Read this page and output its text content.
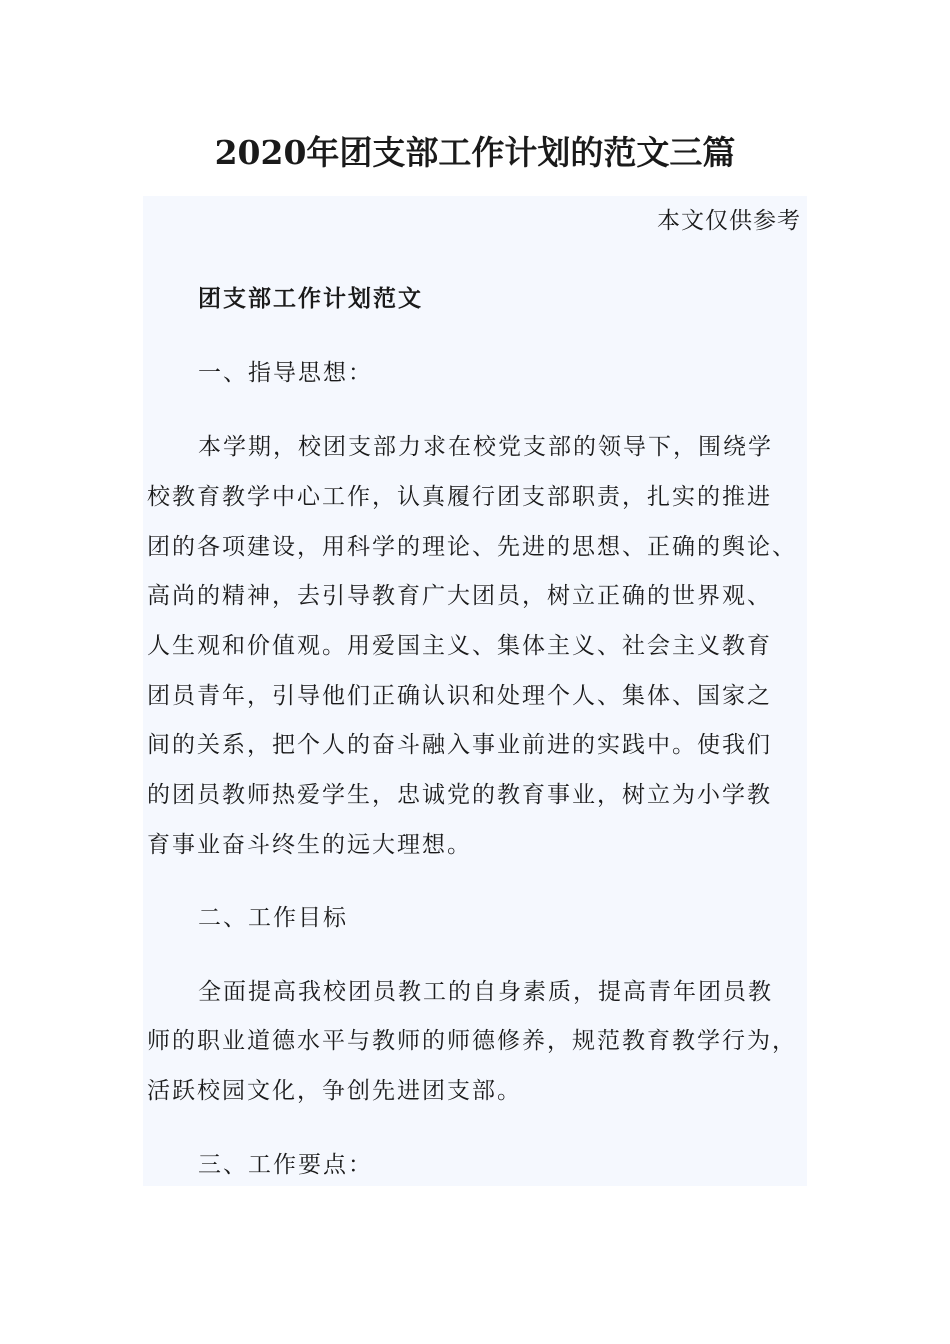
2020年团支部工作计划的范文三篇
本文仅供参考
团支部工作计划范文
一、指导思想：
本学期，校团支部力求在校党支部的领导下，围绕学
校教育教学中心工作，认真履行团支部职责，扎实的推进
团的各项建设，用科学的理论、先进的思想、正确的舆论、
高尚的精神，去引导教育广大团员，树立正确的世界观、
人生观和价值观。用爱国主义、集体主义、社会主义教育
团员青年，引导他们正确认识和处理个人、集体、国家之
间的关系，把个人的奋斗融入事业前进的实践中。使我们
的团员教师热爱学生，忠诚党的教育事业，树立为小学教
育事业奋斗终生的远大理想。
二、工作目标
全面提高我校团员教工的自身素质，提高青年团员教
师的职业道德水平与教师的师德修养，规范教育教学行为，
活跃校园文化，争创先进团支部。
三、工作要点：
